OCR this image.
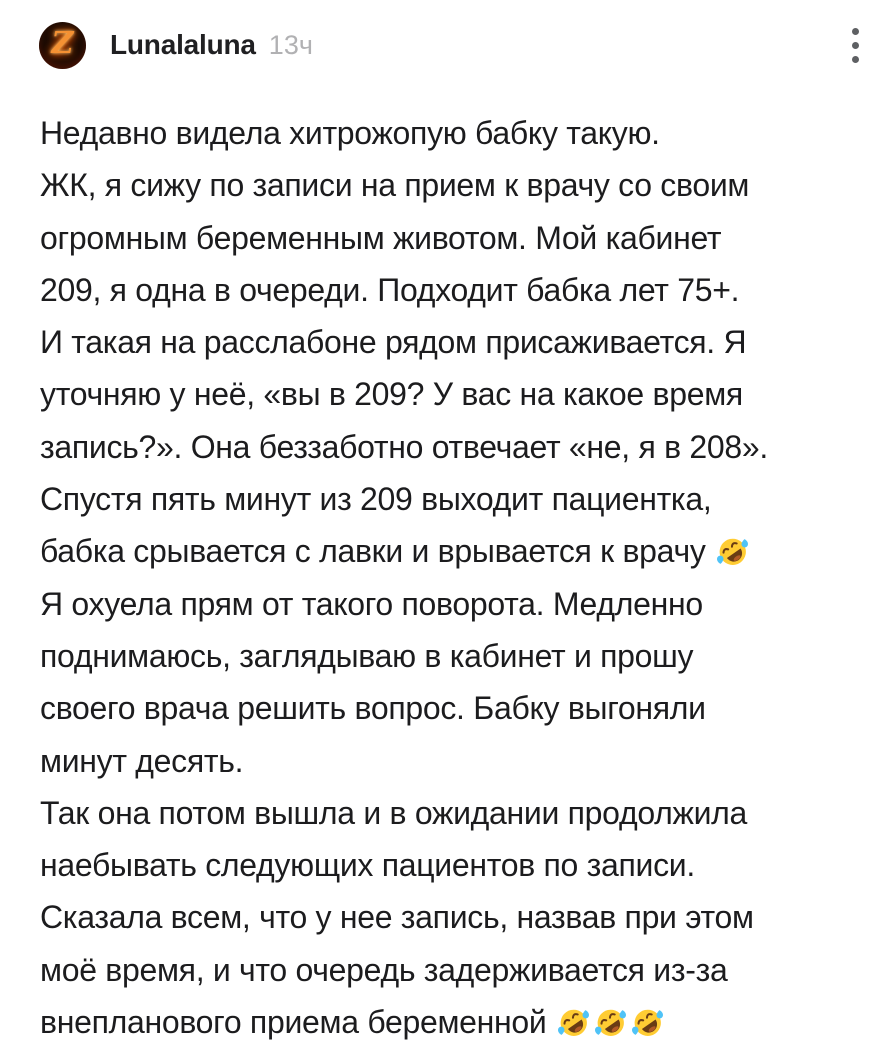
Z Lunalaluna 13ч
Недавно видела хитрожопую бабку такую.
ЖК, я сижу по записи на прием к врачу со своим
огромным беременным животом. Мой кабинет
209, я одна в очереди. Подходит бабка лет 75+.
И такая на расслабоне рядом присаживается. Я
уточняю у неё, «вы в 209? У вас на какое время
запись?». Она беззаботно отвечает «не, я в 208».
Спустя пять минут из 209 выходит пациентка,
бабка срывается с лавки и врывается к врачу
Я охуела прям от такого поворота. Медленно
поднимаюсь, заглядываю в кабинет и прошу
своего врача решить вопрос. Бабку выгоняли
минут десять.
Так она потом вышла и в ожидании продолжила
наебывать следующих пациентов по записи.
Сказала всем, что у нее запись, назвав при этом
моё время, и что очередь задерживается из-за
внепланового приема беременной
